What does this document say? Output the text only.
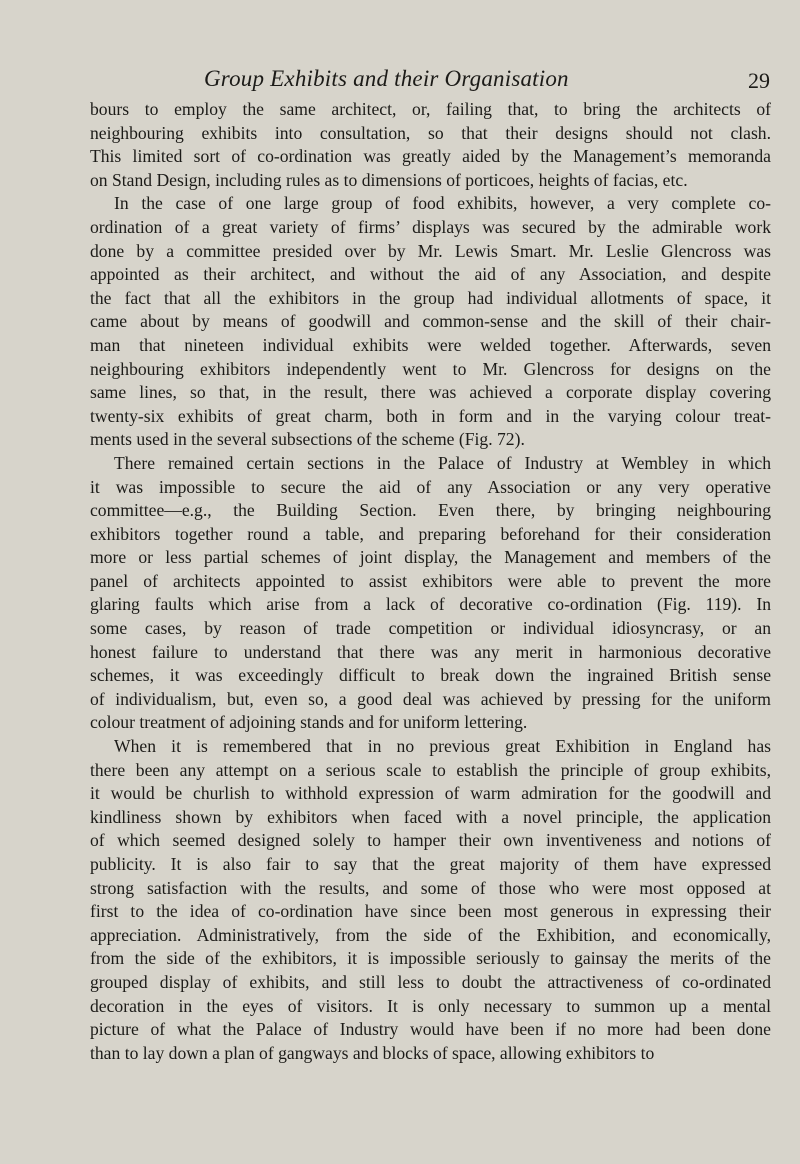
Group Exhibits and their Organisation	29
bours to employ the same architect, or, failing that, to bring the architects of
neighbouring exhibits into consultation, so that their designs should not clash.
This limited sort of co-ordination was greatly aided by the Management’s memoranda
on Stand Design, including rules as to dimensions of porticoes, heights of facias, etc.
In the case of one large group of food exhibits, however, a very complete co-
ordination of a great variety of firms’ displays was secured by the admirable work
done by a committee presided over by Mr. Lewis Smart. Mr. Leslie Glencross was
appointed as their architect, and without the aid of any Association, and despite
the fact that all the exhibitors in the group had individual allotments of space, it
came about by means of goodwill and common-sense and the skill of their chair-
man that nineteen individual exhibits were welded together. Afterwards, seven
neighbouring exhibitors independently went to Mr. Glencross for designs on the
same lines, so that, in the result, there was achieved a corporate display covering
twenty-six exhibits of great charm, both in form and in the varying colour treat-
ments used in the several subsections of the scheme (Fig. 72).
There remained certain sections in the Palace of Industry at Wembley in which
it was impossible to secure the aid of any Association or any very operative
committee—e.g., the Building Section. Even there, by bringing neighbouring
exhibitors together round a table, and preparing beforehand for their consideration
more or less partial schemes of joint display, the Management and members of the
panel of architects appointed to assist exhibitors were able to prevent the more
glaring faults which arise from a lack of decorative co-ordination (Fig. 119). In
some cases, by reason of trade competition or individual idiosyncrasy, or an
honest failure to understand that there was any merit in harmonious decorative
schemes, it was exceedingly difficult to break down the ingrained British sense
of individualism, but, even so, a good deal was achieved by pressing for the uniform
colour treatment of adjoining stands and for uniform lettering.
When it is remembered that in no previous great Exhibition in England has
there been any attempt on a serious scale to establish the principle of group exhibits,
it would be churlish to withhold expression of warm admiration for the goodwill and
kindliness shown by exhibitors when faced with a novel principle, the application
of which seemed designed solely to hamper their own inventiveness and notions of
publicity. It is also fair to say that the great majority of them have expressed
strong satisfaction with the results, and some of those who were most opposed at
first to the idea of co-ordination have since been most generous in expressing their
appreciation. Administratively, from the side of the Exhibition, and economically,
from the side of the exhibitors, it is impossible seriously to gainsay the merits of the
grouped display of exhibits, and still less to doubt the attractiveness of co-ordinated
decoration in the eyes of visitors. It is only necessary to summon up a mental
picture of what the Palace of Industry would have been if no more had been done
than to lay down a plan of gangways and blocks of space, allowing exhibitors to
